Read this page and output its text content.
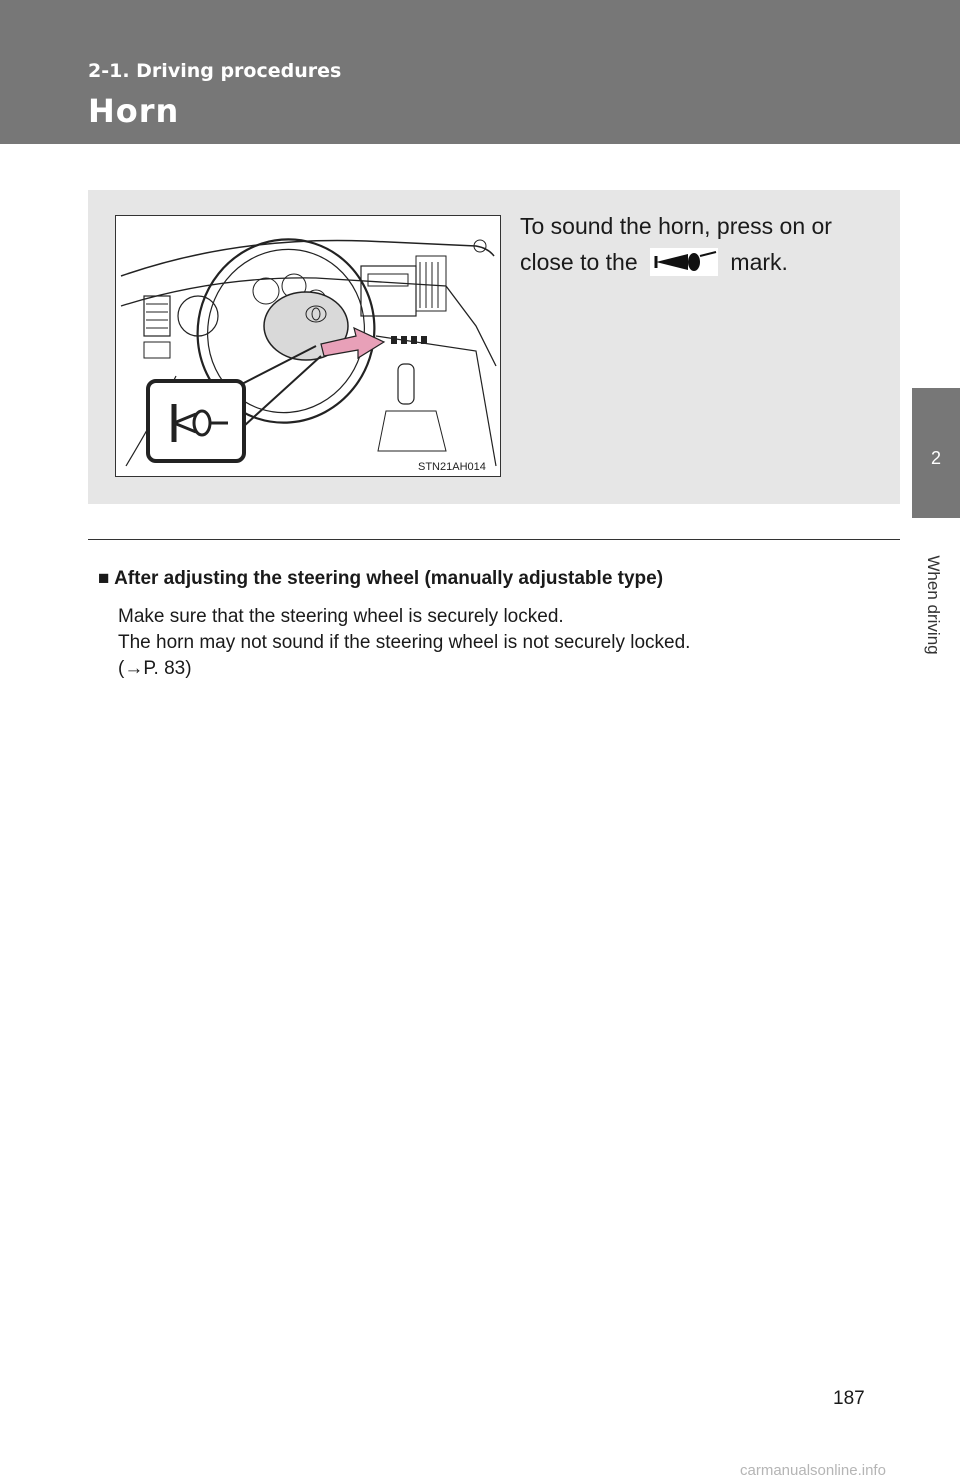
2-1. Driving procedures
Horn
2
When driving
STN21AH014
To sound the horn, press on or close to the	mark.
■ After adjusting the steering wheel (manually adjustable type)

Make sure that the steering wheel is securely locked.

The horn may not sound if the steering wheel is not securely locked.

(→P. 83)

187
carmanualsonline.info
